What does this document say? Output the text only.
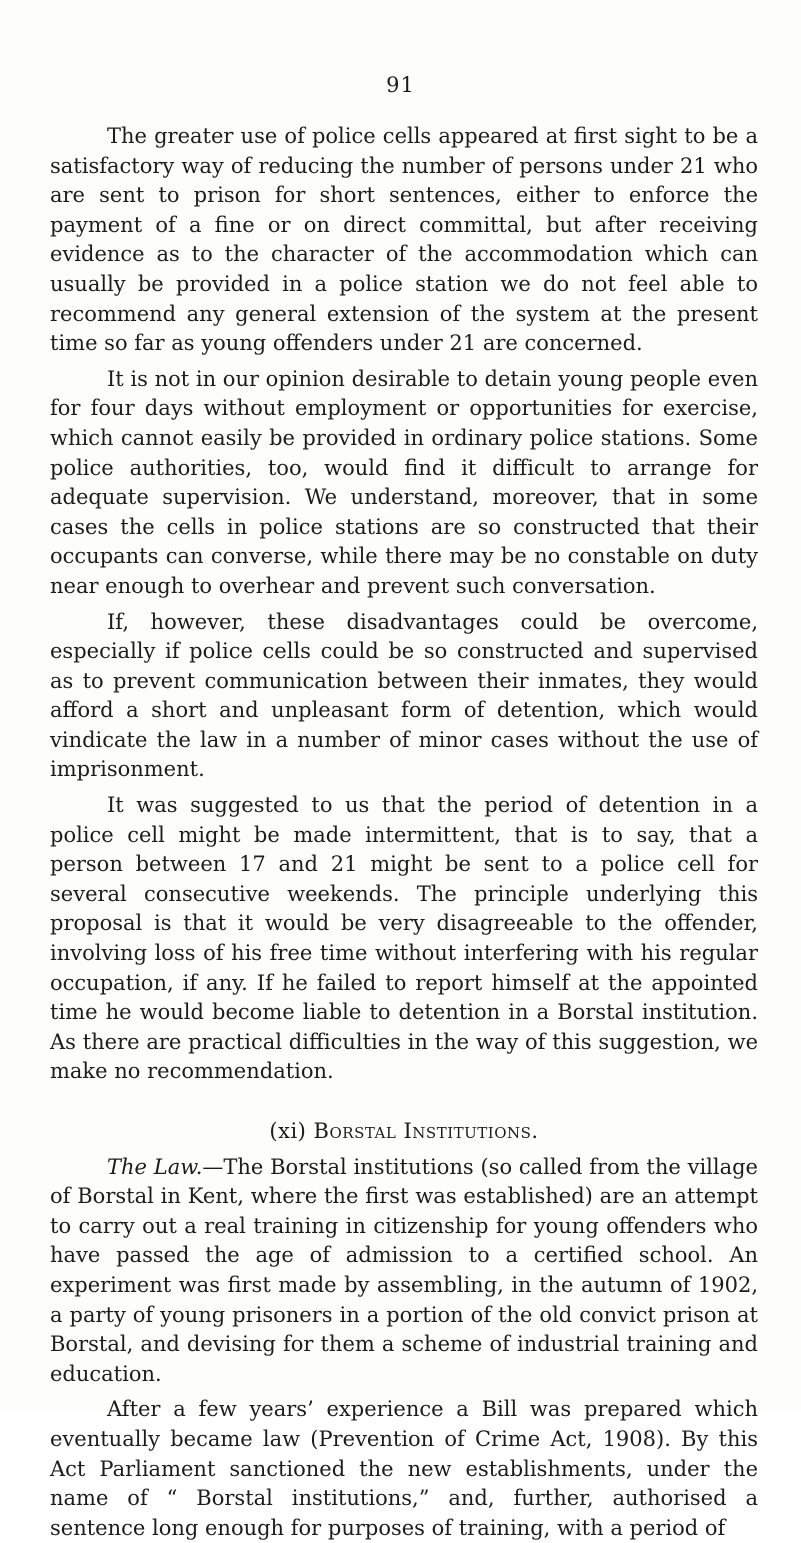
91

The greater use of police cells appeared at first sight to be a satisfactory way of reducing the number of persons under 21 who are sent to prison for short sentences, either to enforce the payment of a fine or on direct committal, but after receiving evidence as to the character of the accommodation which can usually be provided in a police station we do not feel able to recommend any general extension of the system at the present time so far as young offenders under 21 are concerned.

It is not in our opinion desirable to detain young people even for four days without employment or opportunities for exercise, which cannot easily be provided in ordinary police stations. Some police authorities, too, would find it difficult to arrange for adequate supervision. We understand, moreover, that in some cases the cells in police stations are so constructed that their occupants can converse, while there may be no constable on duty near enough to overhear and prevent such conversation.

If, however, these disadvantages could be overcome, especially if police cells could be so constructed and supervised as to prevent communication between their inmates, they would afford a short and unpleasant form of detention, which would vindicate the law in a number of minor cases without the use of imprisonment.

It was suggested to us that the period of detention in a police cell might be made intermittent, that is to say, that a person between 17 and 21 might be sent to a police cell for several consecutive weekends. The principle underlying this proposal is that it would be very disagreeable to the offender, involving loss of his free time without interfering with his regular occupation, if any. If he failed to report himself at the appointed time he would become liable to detention in a Borstal institution. As there are practical difficulties in the way of this suggestion, we make no recommendation.

(xi) Borstal Institutions.

The Law.—The Borstal institutions (so called from the village of Borstal in Kent, where the first was established) are an attempt to carry out a real training in citizenship for young offenders who have passed the age of admission to a certified school. An experiment was first made by assembling, in the autumn of 1902, a party of young prisoners in a portion of the old convict prison at Borstal, and devising for them a scheme of industrial training and education.

After a few years’ experience a Bill was prepared which eventually became law (Prevention of Crime Act, 1908). By this Act Parliament sanctioned the new establishments, under the name of “ Borstal institutions,” and, further, authorised a sentence long enough for purposes of training, with a period of
